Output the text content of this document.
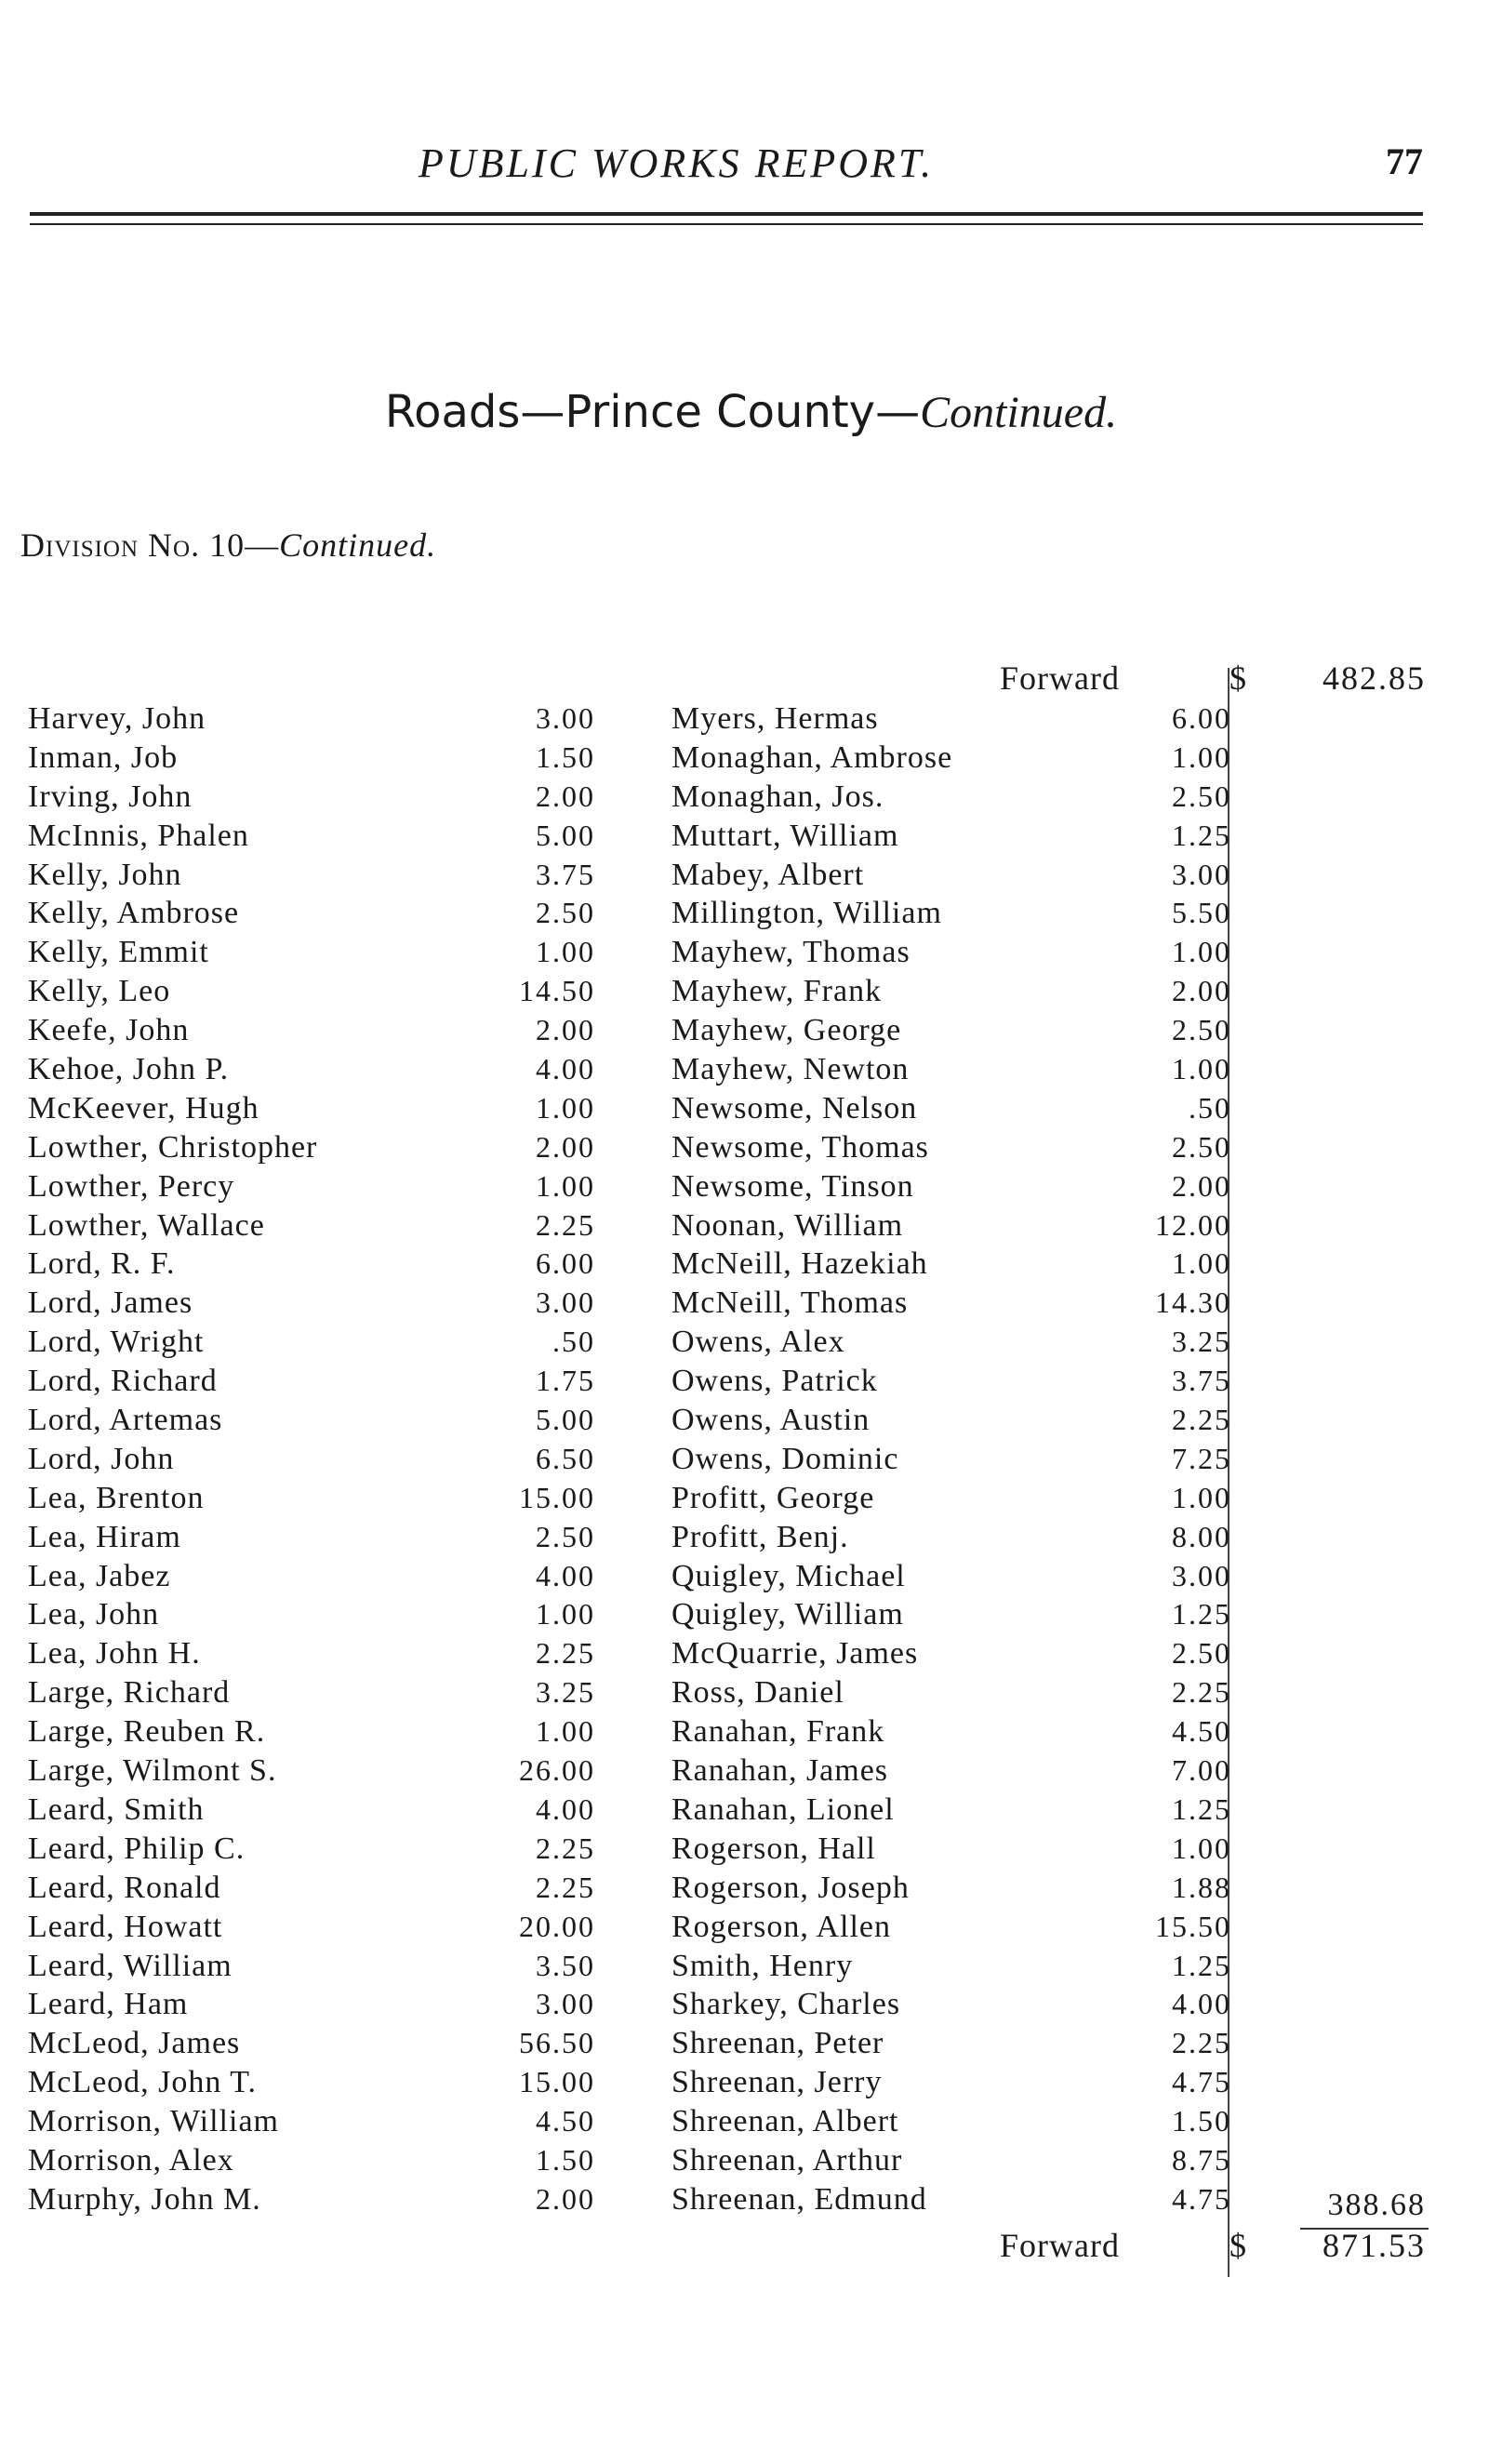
PUBLIC WORKS REPORT.	77
Roads—Prince County—Continued.
Division No. 10—Continued.
Forward	$ 482.85
Harvey, John	3.00
Inman, Job	1.50
Irving, John	2.00
McInnis, Phalen	5.00
Kelly, John	3.75
Kelly, Ambrose	2.50
Kelly, Emmit	1.00
Kelly, Leo	14.50
Keefe, John	2.00
Kehoe, John P.	4.00
McKeever, Hugh	1.00
Lowther, Christopher	2.00
Lowther, Percy	1.00
Lowther, Wallace	2.25
Lord, R. F.	6.00
Lord, James	3.00
Lord, Wright	.50
Lord, Richard	1.75
Lord, Artemas	5.00
Lord, John	6.50
Lea, Brenton	15.00
Lea, Hiram	2.50
Lea, Jabez	4.00
Lea, John	1.00
Lea, John H.	2.25
Large, Richard	3.25
Large, Reuben R.	1.00
Large, Wilmont S.	26.00
Leard, Smith	4.00
Leard, Philip C.	2.25
Leard, Ronald	2.25
Leard, Howatt	20.00
Leard, William	3.50
Leard, Ham	3.00
McLeod, James	56.50
McLeod, John T.	15.00
Morrison, William	4.50
Morrison, Alex	1.50
Murphy, John M.	2.00
Myers, Hermas	6.00
Monaghan, Ambrose	1.00
Monaghan, Jos.	2.50
Muttart, William	1.25
Mabey, Albert	3.00
Millington, William	5.50
Mayhew, Thomas	1.00
Mayhew, Frank	2.00
Mayhew, George	2.50
Mayhew, Newton	1.00
Newsome, Nelson	.50
Newsome, Thomas	2.50
Newsome, Tinson	2.00
Noonan, William	12.00
McNeill, Hazekiah	1.00
McNeill, Thomas	14.30
Owens, Alex	3.25
Owens, Patrick	3.75
Owens, Austin	2.25
Owens, Dominic	7.25
Profitt, George	1.00
Profitt, Benj.	8.00
Quigley, Michael	3.00
Quigley, William	1.25
McQuarrie, James	2.50
Ross, Daniel	2.25
Ranahan, Frank	4.50
Ranahan, James	7.00
Ranahan, Lionel	1.25
Rogerson, Hall	1.00
Rogerson, Joseph	1.88
Rogerson, Allen	15.50
Smith, Henry	1.25
Sharkey, Charles	4.00
Shreenan, Peter	2.25
Shreenan, Jerry	4.75
Shreenan, Albert	1.50
Shreenan, Arthur	8.75
Shreenan, Edmund	4.75	388.68
Forward	$ 871.53
